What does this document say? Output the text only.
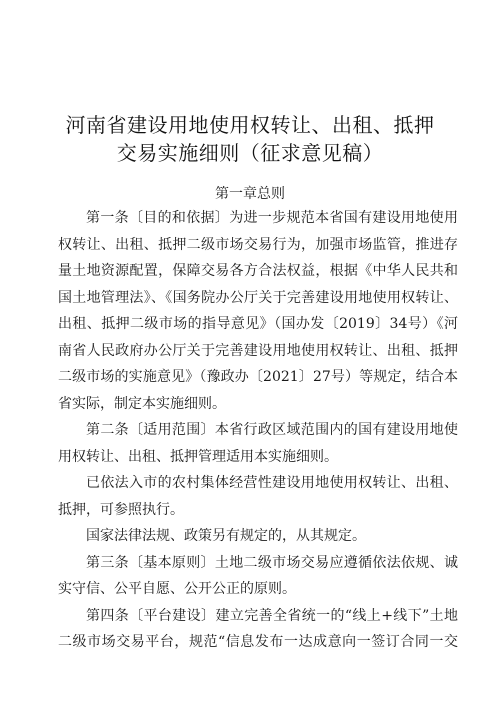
河南省建设用地使用权转让、出租、抵押
交易实施细则（征求意见稿）
第一章总则
第一条〔目的和依据〕为进一步规范本省国有建设用地使用
权转让、出租、抵押二级市场交易行为，加强市场监管，推进存
量土地资源配置，保障交易各方合法权益，根据《中华人民共和
国土地管理法》、《国务院办公厅关于完善建设用地使用权转让、
出租、抵押二级市场的指导意见》（国办发〔2019〕34号）《河
南省人民政府办公厅关于完善建设用地使用权转让、出租、抵押
二级市场的实施意见》（豫政办〔2021〕27号）等规定，结合本
省实际，制定本实施细则。
第二条〔适用范围〕本省行政区域范围内的国有建设用地使
用权转让、出租、抵押管理适用本实施细则。
已依法入市的农村集体经营性建设用地使用权转让、出租、
抵押，可参照执行。
国家法律法规、政策另有规定的，从其规定。
第三条〔基本原则〕土地二级市场交易应遵循依法依规、诚
实守信、公平自愿、公开公正的原则。
第四条〔平台建设〕建立完善全省统一的“线上+线下”土地
二级市场交易平台，规范“信息发布一达成意向一签订合同一交
